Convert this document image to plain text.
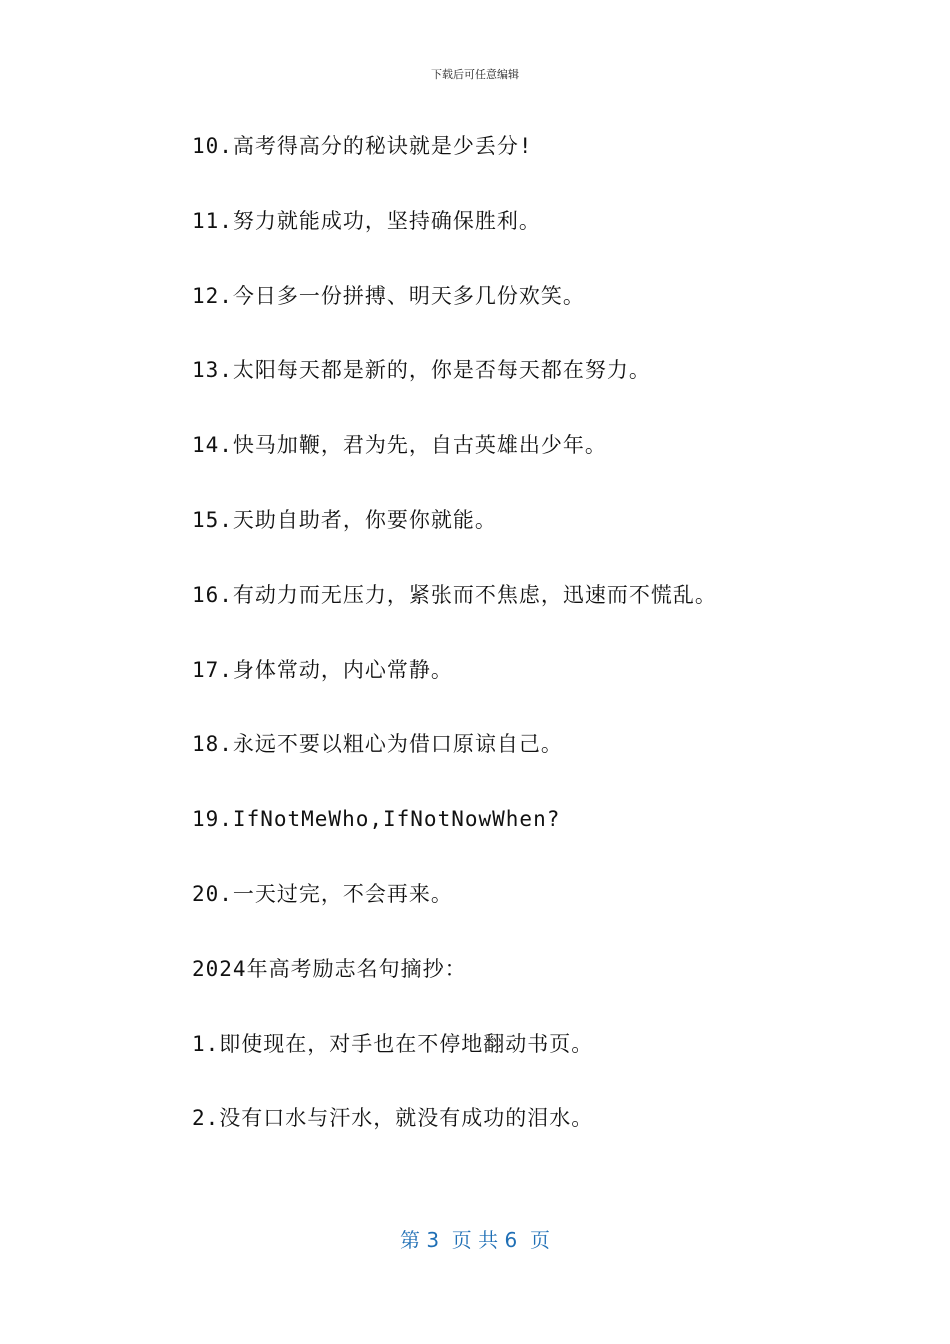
下载后可任意编辑
10.高考得高分的秘诀就是少丢分!
11.努力就能成功，坚持确保胜利。
12.今日多一份拼搏、明天多几份欢笑。
13.太阳每天都是新的，你是否每天都在努力。
14.快马加鞭，君为先，自古英雄出少年。
15.天助自助者，你要你就能。
16.有动力而无压力，紧张而不焦虑，迅速而不慌乱。
17.身体常动，内心常静。
18.永远不要以粗心为借口原谅自己。
19.IfNotMeWho,IfNotNowWhen?
20.一天过完，不会再来。
2024年高考励志名句摘抄：
1.即使现在，对手也在不停地翻动书页。
2.没有口水与汗水，就没有成功的泪水。
第 3  页 共 6  页
